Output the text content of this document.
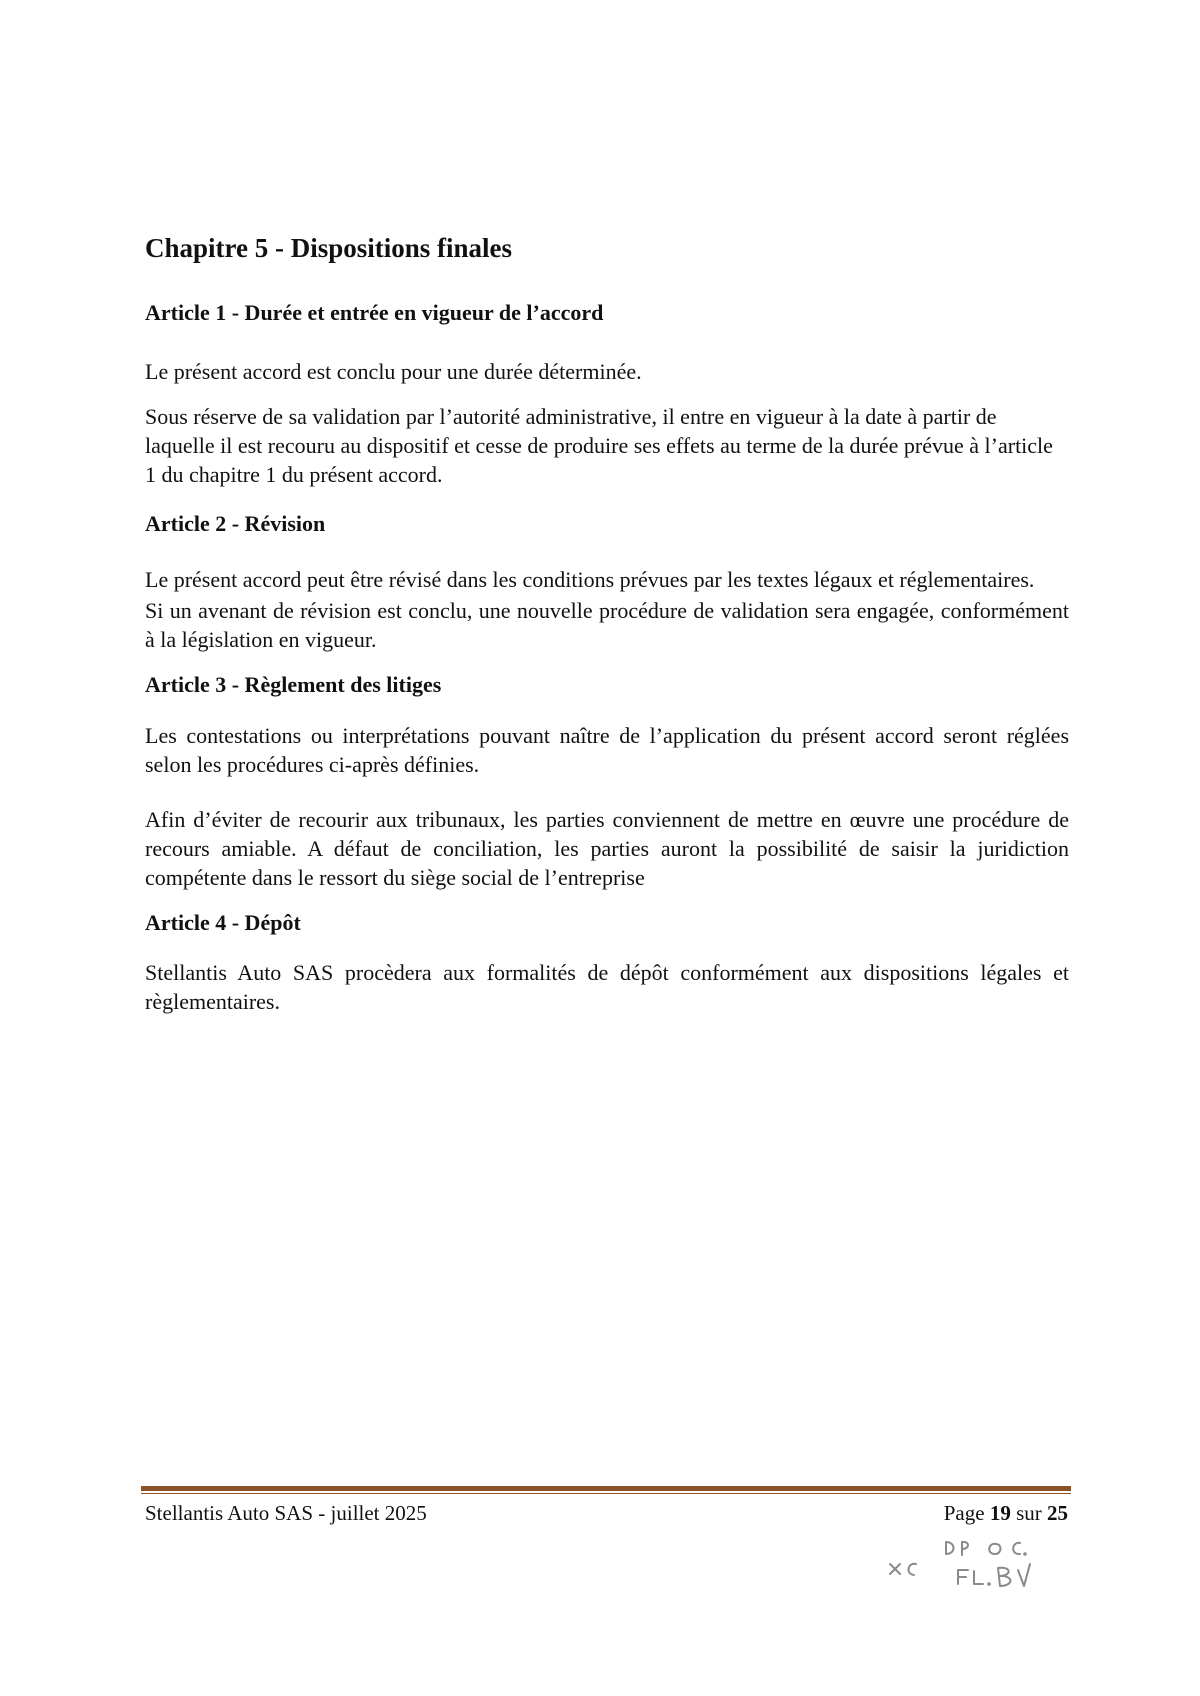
Chapitre 5 - Dispositions finales
Article 1 - Durée et entrée en vigueur de l’accord

Le présent accord est conclu pour une durée déterminée.

Sous réserve de sa validation par l’autorité administrative, il entre en vigueur à la date à partir de laquelle il est recouru au dispositif et cesse de produire ses effets au terme de la durée prévue à l’article 1 du chapitre 1 du présent accord.

Article 2 - Révision

Le présent accord peut être révisé dans les conditions prévues par les textes légaux et réglementaires.

Si un avenant de révision est conclu, une nouvelle procédure de validation sera engagée, conformément à la législation en vigueur.

Article 3 - Règlement des litiges

Les contestations ou interprétations pouvant naître de l’application du présent accord seront réglées selon les procédures ci-après définies.

Afin d’éviter de recourir aux tribunaux, les parties conviennent de mettre en œuvre une procédure de recours amiable. A défaut de conciliation, les parties auront la possibilité de saisir la juridiction compétente dans le ressort du siège social de l’entreprise

Article 4 - Dépôt

Stellantis Auto SAS procèdera aux formalités de dépôt conformément aux dispositions légales et règlementaires.

Stellantis Auto SAS - juillet 2025	Page 19 sur 25
